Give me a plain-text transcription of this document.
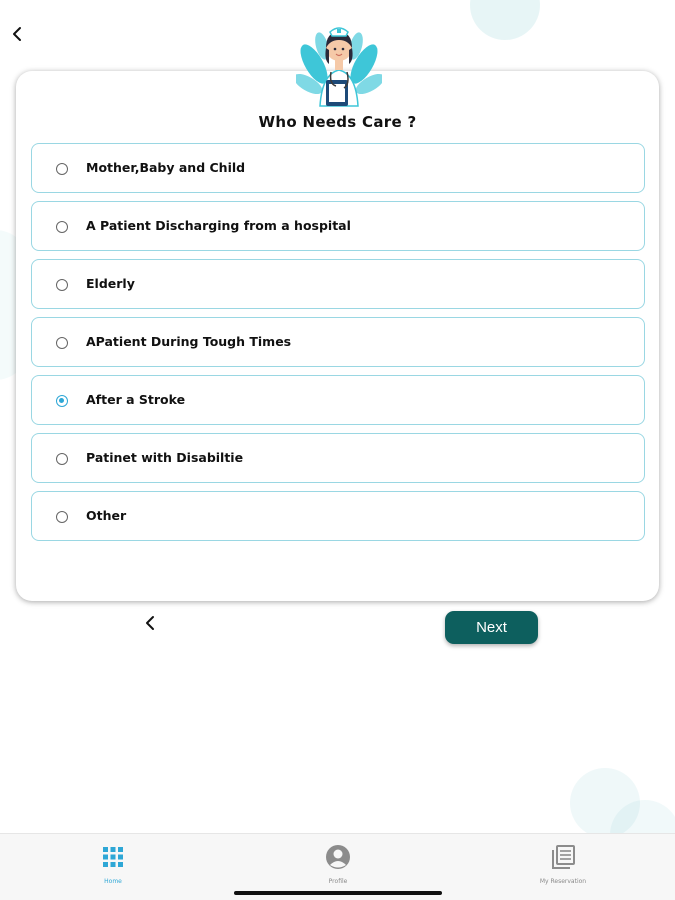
Who Needs Care ?
Mother,Baby and Child
A Patient Discharging from a hospital
Elderly
APatient During Tough Times
After a Stroke
Patinet with Disabiltie
Other
Next
Home	Profile	My Reservation
